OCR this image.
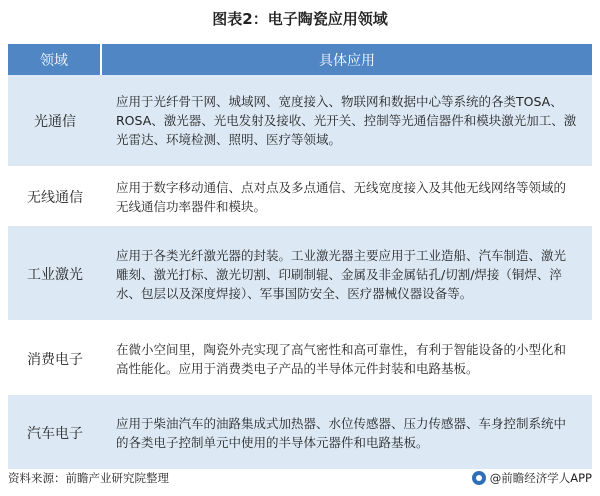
图表2：电子陶瓷应用领域
领域	具体应用
光通信
应用于光纤骨干网、城域网、宽度接入、物联网和数据中心等系统的各类TOSA、ROSA、激光器、光电发射及接收、光开关、控制等光通信器件和模块激光加工、激光雷达、环境检测、照明、医疗等领域。
无线通信
应用于数字移动通信、点对点及多点通信、无线宽度接入及其他无线网络等领域的无线通信功率器件和模块。
工业激光
应用于各类光纤激光器的封装。工业激光器主要应用于工业造船、汽车制造、激光雕刻、激光打标、激光切割、印刷制辊、金属及非金属钻孔/切割/焊接（铜焊、淬水、包层以及深度焊接）、军事国防安全、医疗器械仪器设备等。
消费电子
在微小空间里，陶瓷外壳实现了高气密性和高可靠性，有利于智能设备的小型化和高性能化。应用于消费类电子产品的半导体元件封装和电路基板。
汽车电子
应用于柴油汽车的油路集成式加热器、水位传感器、压力传感器、车身控制系统中的各类电子控制单元中使用的半导体元器件和电路基板。
资料来源：前瞻产业研究院整理	@前瞻经济学人APP
